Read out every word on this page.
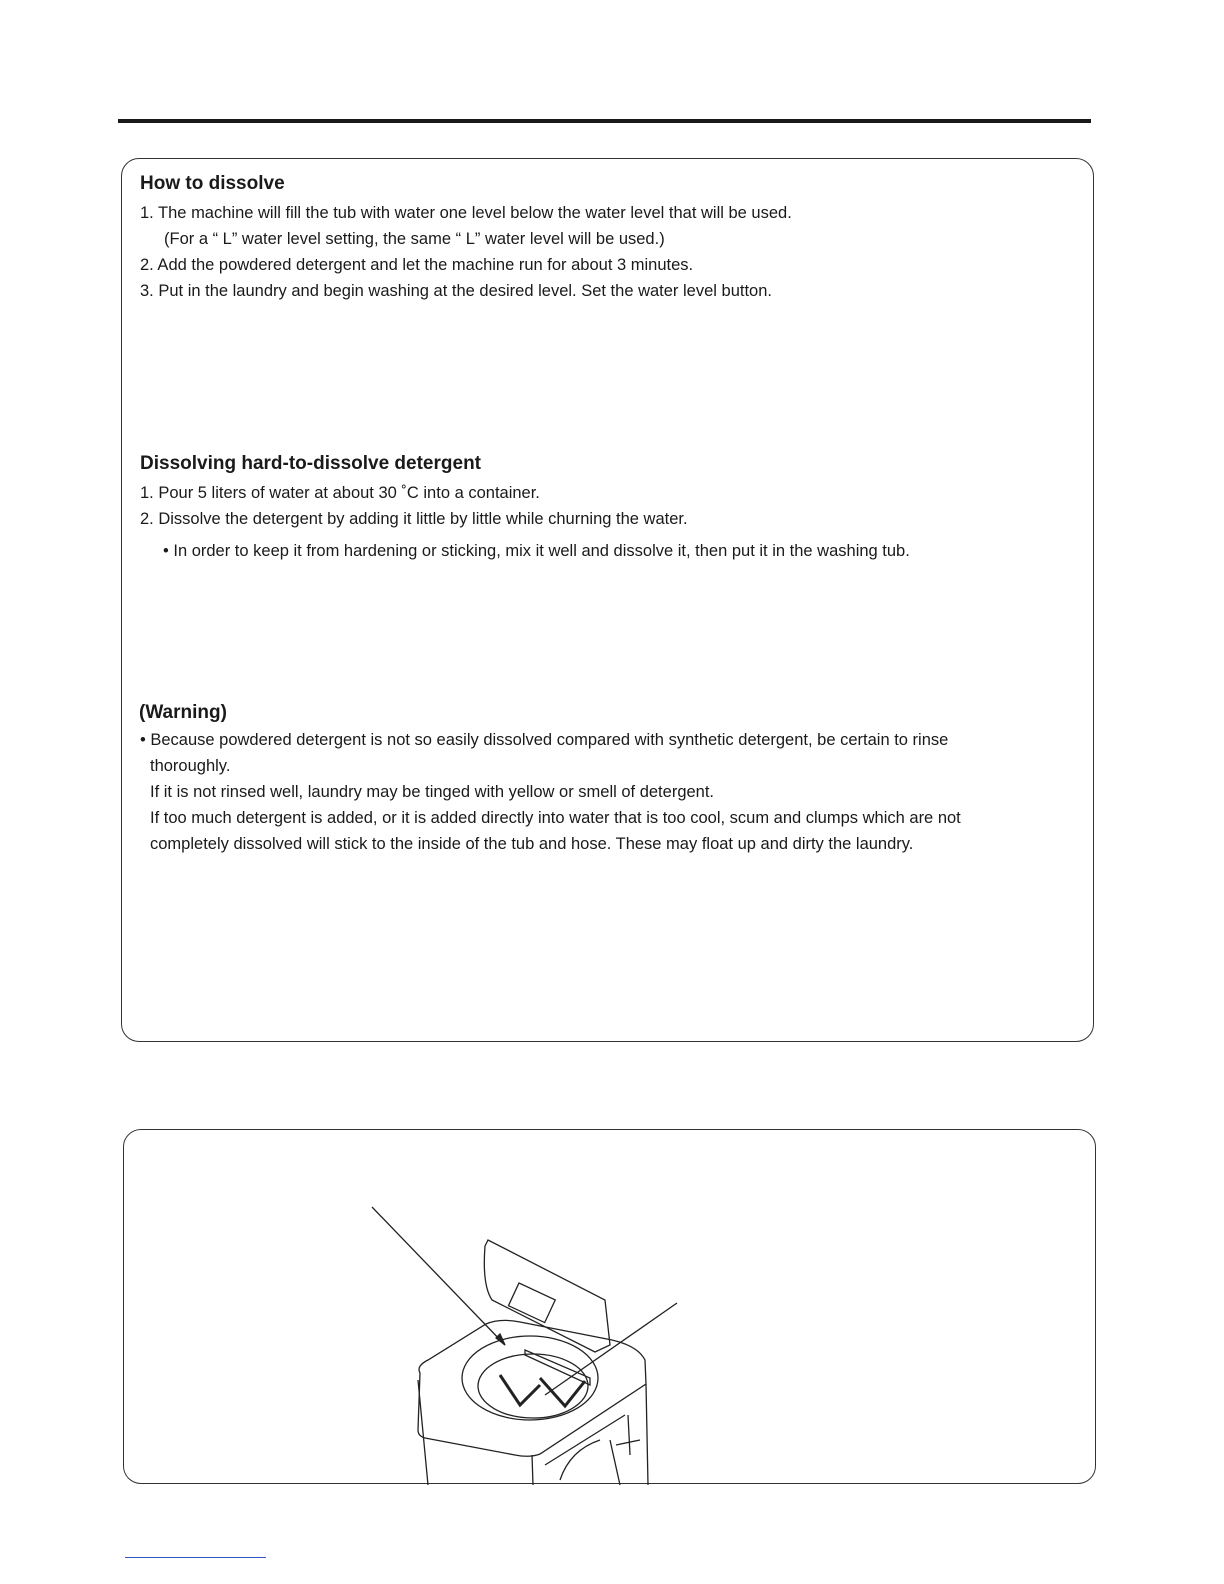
How to dissolve
1. The machine will fill the tub with water one level below the water level that will be used.
(For a “ L” water level setting, the same “ L” water level will be used.)
2. Add the powdered detergent and let the machine run for about 3 minutes.
3. Put in the laundry and begin washing at the desired level. Set the water level button.
Dissolving hard-to-dissolve detergent
1. Pour 5 liters of water at about 30 ˚C into a container.
2. Dissolve the detergent by adding it little by little while churning the water.
• In order to keep it from hardening or sticking, mix it well and dissolve it, then put it in the washing tub.
(Warning)
• Because powdered detergent is not so easily dissolved compared with synthetic detergent, be certain to rinse
thoroughly.
If it is not rinsed well, laundry may be tinged with yellow or smell of detergent.
If too much detergent is added, or it is added directly into water that is too cool, scum and clumps which are not
completely dissolved will stick to the inside of the tub and hose. These may float up and dirty the laundry.
